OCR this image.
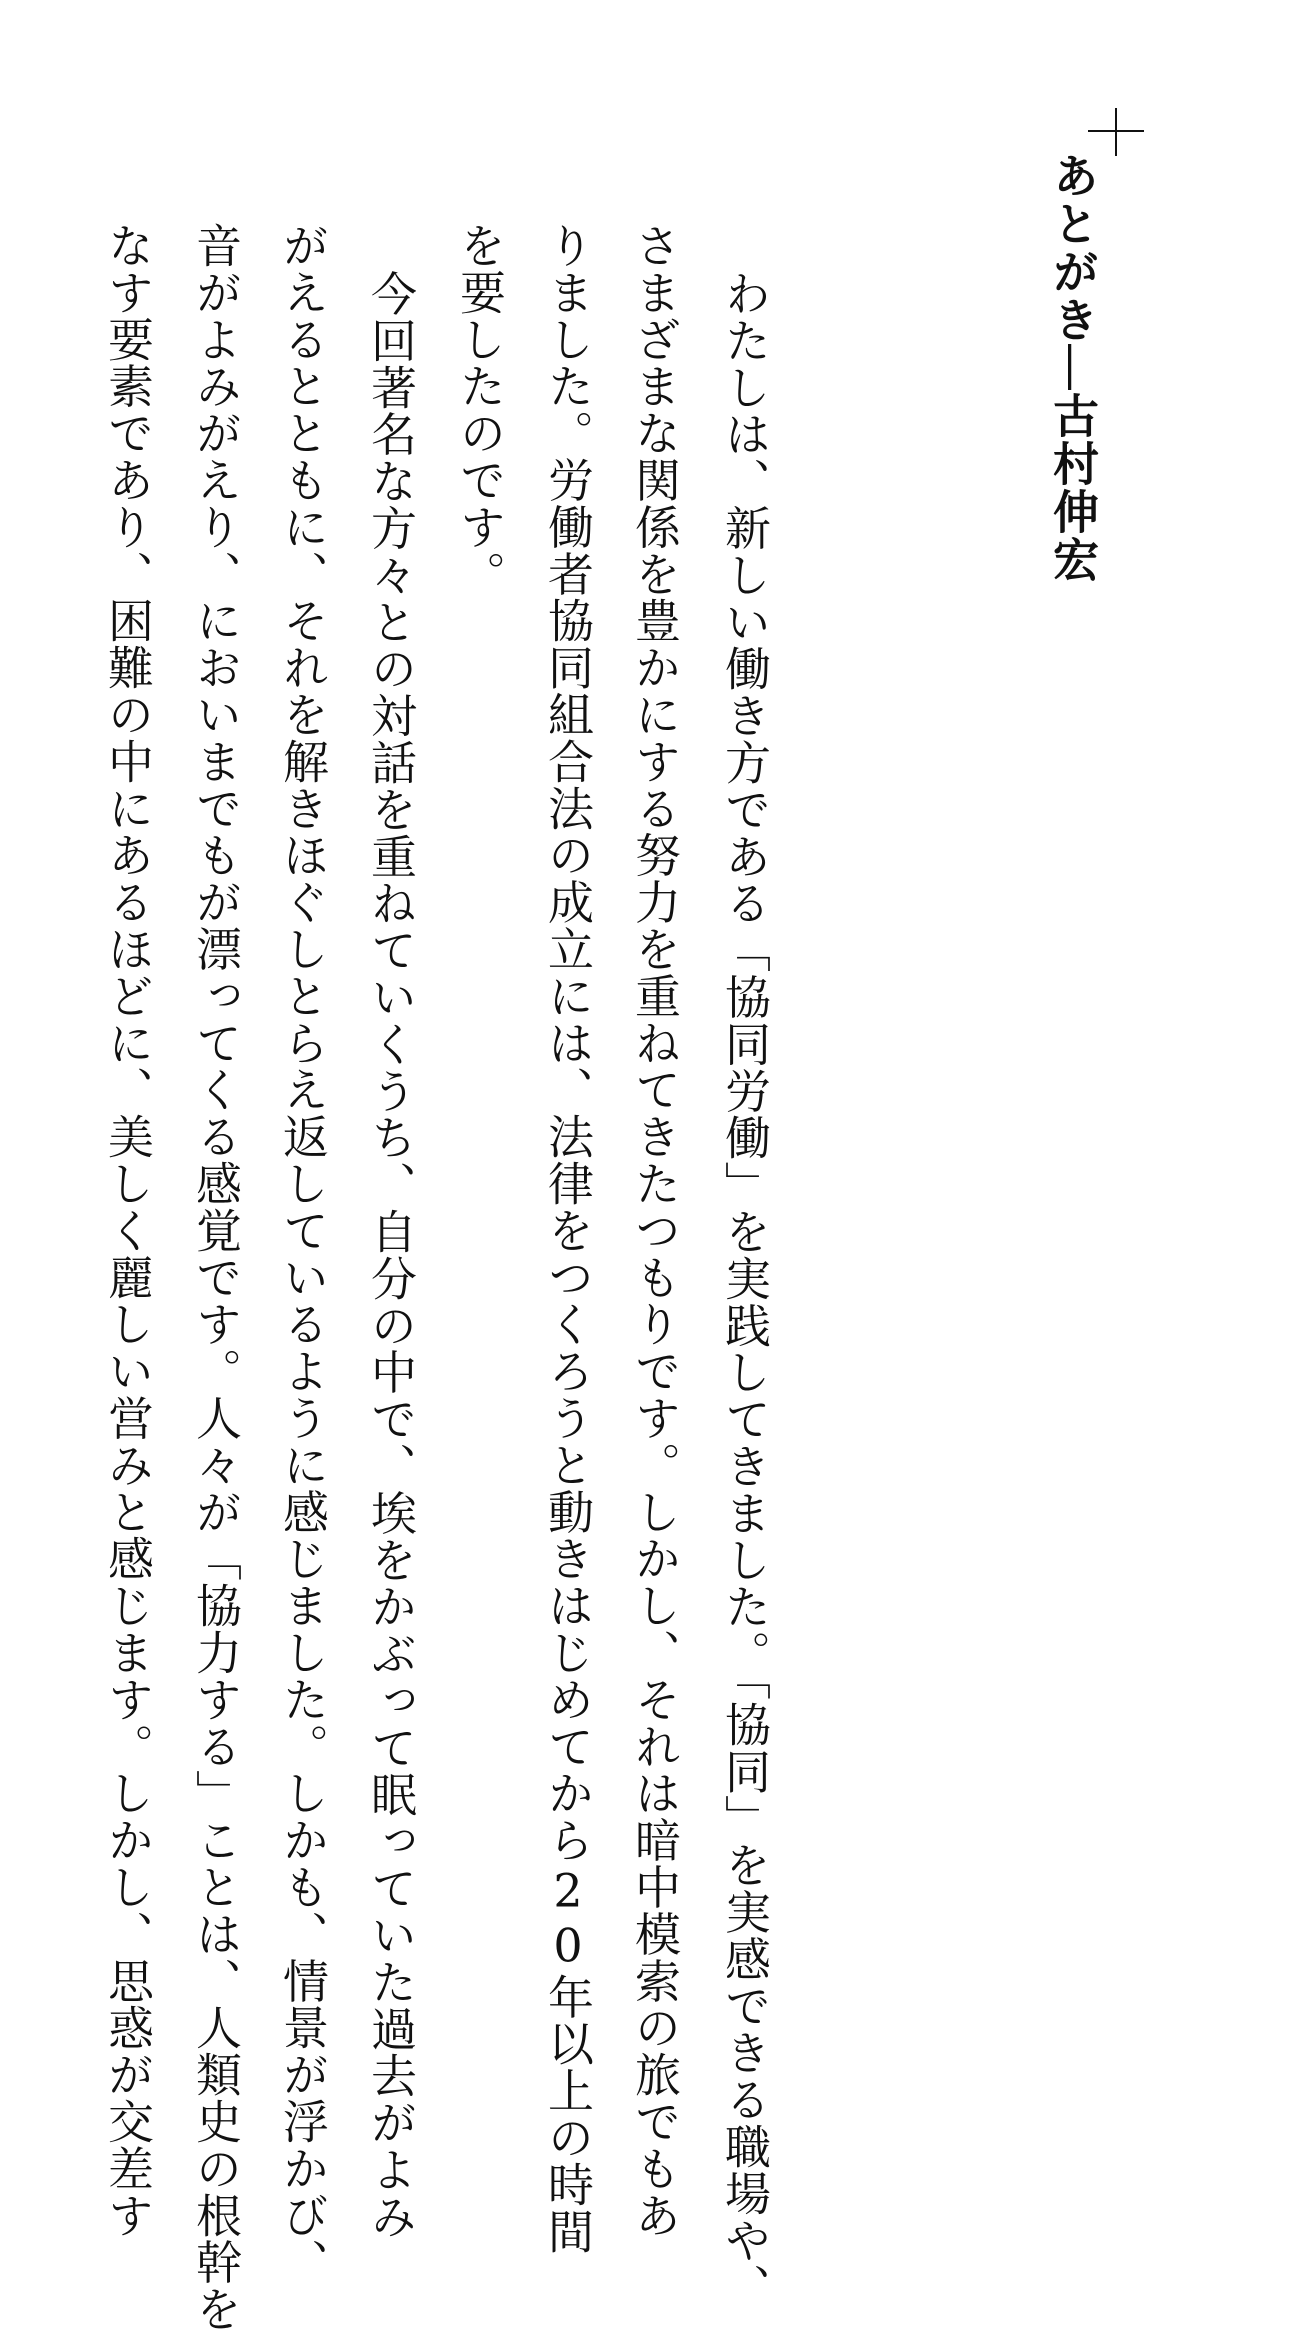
あとがき―古村伸宏
わたしは、新しい働き方である「協同労働」を実践してきました。「協同」を実感できる職場や、
さまざまな関係を豊かにする努力を重ねてきたつもりです。しかし、それは暗中模索の旅でもあ
りました。労働者協同組合法の成立には、法律をつくろうと動きはじめてから20年以上の時間
を要したのです。
今回著名な方々との対話を重ねていくうち、自分の中で、埃をかぶって眠っていた過去がよみ
がえるとともに、それを解きほぐしとらえ返しているように感じました。しかも、情景が浮かび、
音がよみがえり、においまでもが漂ってくる感覚です。人々が「協力する」ことは、人類史の根幹を
なす要素であり、困難の中にあるほどに、美しく麗しい営みと感じます。しかし、思惑が交差す
